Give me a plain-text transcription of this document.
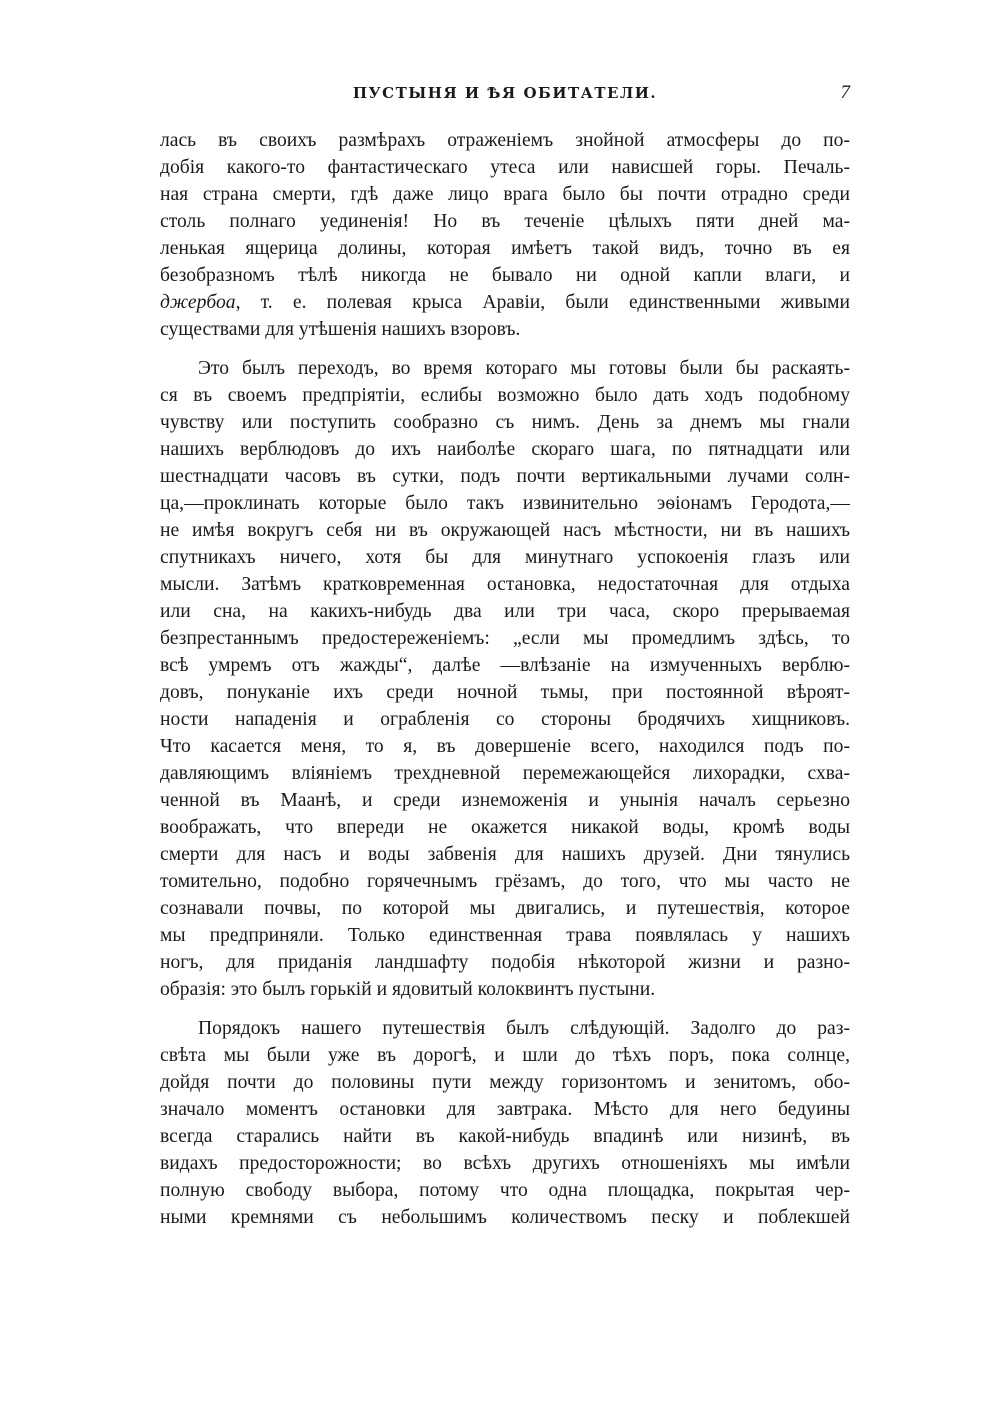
ПУСТЫНЯ И ѢЯ ОБИТАТЕЛИ.	7
лась въ своихъ размѣрахъ отраженіемъ знойной атмосферы до по-
добія какого-то фантастическаго утеса или нависшей горы. Печаль-
ная страна смерти, гдѣ даже лицо врага было бы почти отрадно среди
столь полнаго уединенія! Но въ теченіе цѣлыхъ пяти дней ма-
ленькая ящерица долины, которая имѣетъ такой видъ, точно въ ея
безобразномъ тѣлѣ никогда не бывало ни одной капли влаги, и
джербоа, т. е. полевая крыса Аравіи, были единственными живыми
существами для утѣшенія нашихъ взоровъ.
Это былъ переходъ, во время котораго мы готовы были бы раскаять-
ся въ своемъ предпріятіи, еслибы возможно было дать ходъ подобному
чувству или поступить сообразно съ нимъ. День за днемъ мы гнали
нашихъ верблюдовъ до ихъ наиболѣе скораго шага, по пятнадцати или
шестнадцати часовъ въ сутки, подъ почти вертикальными лучами солн-
ца,—проклинать которые было такъ извинительно эѳіонамъ Геродота,—
не имѣя вокругъ себя ни въ окружающей насъ мѣстности, ни въ нашихъ
спутникахъ ничего, хотя бы для минутнаго успокоенія глазъ или
мысли. Затѣмъ кратковременная остановка, недостаточная для отдыха
или сна, на какихъ-нибудь два или три часа, скоро прерываемая
безпрестаннымъ предостереженіемъ: „если мы промедлимъ здѣсь, то
всѣ умремъ отъ жажды“, далѣе —влѣзаніе на измученныхъ верблю-
довъ, понуканіе ихъ среди ночной тьмы, при постоянной вѣроят-
ности нападенія и ограбленія со стороны бродячихъ хищниковъ.
Что касается меня, то я, въ довершеніе всего, находился подъ по-
давляющимъ вліяніемъ трехдневной перемежающейся лихорадки, схва-
ченной въ Маанѣ, и среди изнеможенія и унынія началъ серьезно
воображать, что впереди не окажется никакой воды, кромѣ воды
смерти для насъ и воды забвенія для нашихъ друзей. Дни тянулись
томительно, подобно горячечнымъ грёзамъ, до того, что мы часто не
сознавали почвы, по которой мы двигались, и путешествія, которое
мы предприняли. Только единственная трава появлялась у нашихъ
ногъ, для приданія ландшафту подобія нѣкоторой жизни и разно-
образія: это былъ горькій и ядовитый колоквинтъ пустыни.
Порядокъ нашего путешествія былъ слѣдующій. Задолго до раз-
свѣта мы были уже въ дорогѣ, и шли до тѣхъ поръ, пока солнце,
дойдя почти до половины пути между горизонтомъ и зенитомъ, обо-
значало моментъ остановки для завтрака. Мѣсто для него бедуины
всегда старались найти въ какой-нибудь впадинѣ или низинѣ, въ
видахъ предосторожности; во всѣхъ другихъ отношеніяхъ мы имѣли
полную свободу выбора, потому что одна площадка, покрытая чер-
ными кремнями съ небольшимъ количествомъ песку и поблекшей
